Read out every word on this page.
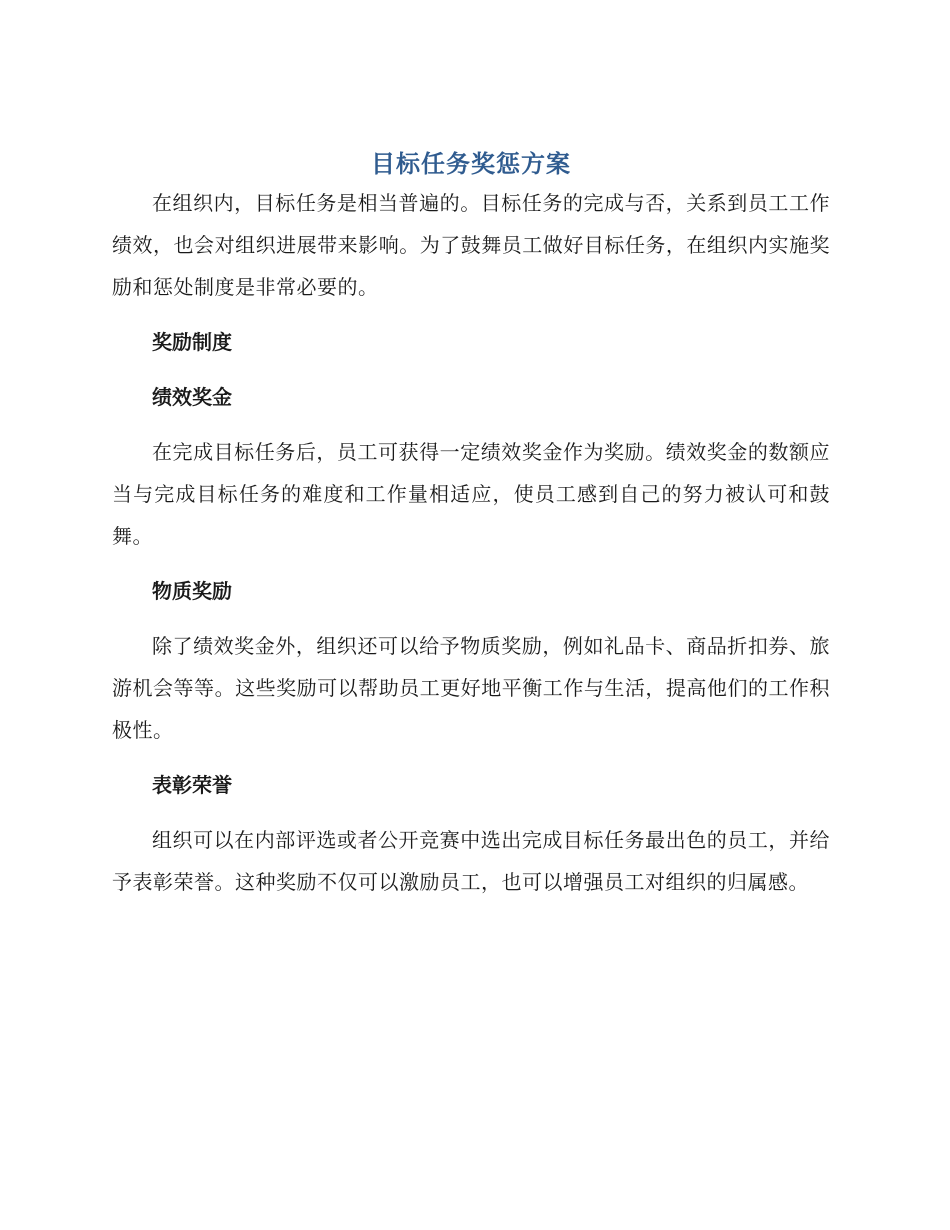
目标任务奖惩方案

在组织内，目标任务是相当普遍的。目标任务的完成与否，关系到员工工作绩效，也会对组织进展带来影响。为了鼓舞员工做好目标任务，在组织内实施奖励和惩处制度是非常必要的。

奖励制度

绩效奖金

在完成目标任务后，员工可获得一定绩效奖金作为奖励。绩效奖金的数额应当与完成目标任务的难度和工作量相适应，使员工感到自己的努力被认可和鼓舞。

物质奖励

除了绩效奖金外，组织还可以给予物质奖励，例如礼品卡、商品折扣券、旅游机会等等。这些奖励可以帮助员工更好地平衡工作与生活，提高他们的工作积极性。

表彰荣誉

组织可以在内部评选或者公开竞赛中选出完成目标任务最出色的员工，并给予表彰荣誉。这种奖励不仅可以激励员工，也可以增强员工对组织的归属感。
